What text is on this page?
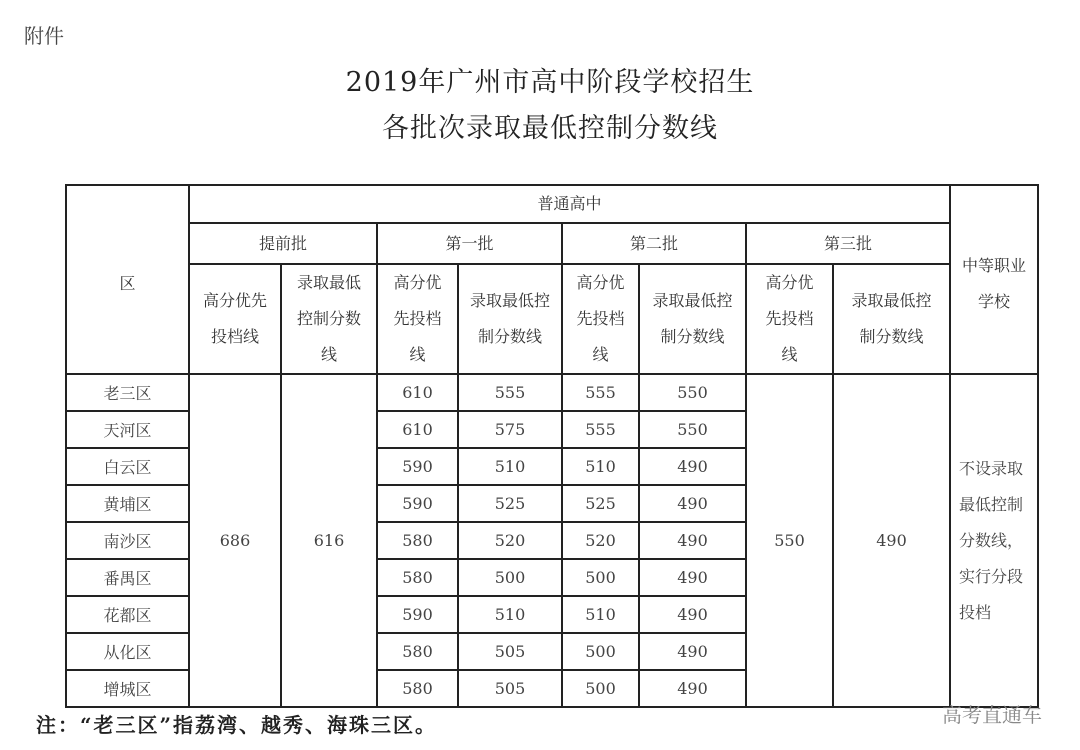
附件
2019年广州市高中阶段学校招生
各批次录取最低控制分数线
区	普通高中								中等职业学校

	提前批		第一批		第二批		第三批		

	高分优先投档线	录取最低控制分数线	高分优先投档线	录取最低控制分数线	高分优先投档线	录取最低控制分数线	高分优先投档线	录取最低控制分数线	

老三区	686	616	610	555	555	550	550	490	不设录取最低控制分数线，实行分段投档

天河区			610	575	555	550			
白云区			590	510	510	490			
黄埔区			590	525	525	490			
南沙区			580	520	520	490			
番禺区			580	500	500	490			
花都区			590	510	510	490			
从化区			580	505	500	490			
增城区			580	505	500	490			
注：“老三区”指荔湾、越秀、海珠三区。	高考直通车
